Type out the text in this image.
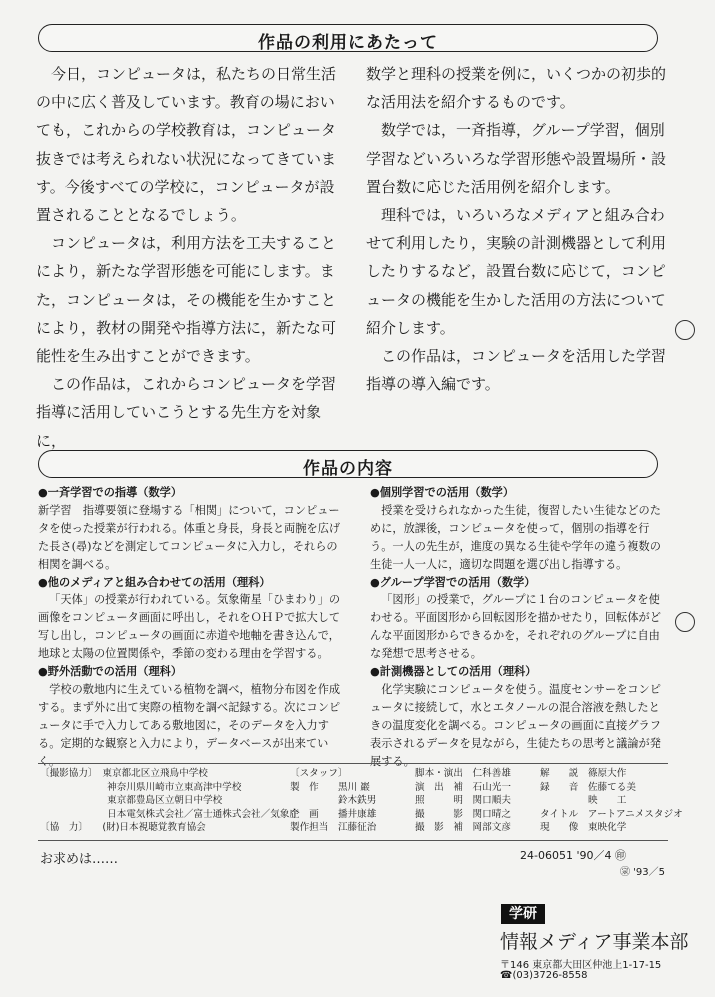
作品の利用にあたって

今日，コンピュータは，私たちの日常生活の中に広く普及しています。教育の場においても，これからの学校教育は，コンピュータ抜きでは考えられない状況になってきています。今後すべての学校に，コンピュータが設置されることとなるでしょう。

コンピュータは，利用方法を工夫することにより，新たな学習形態を可能にします。また，コンピュータは，その機能を生かすことにより，教材の開発や指導方法に，新たな可能性を生み出すことができます。

この作品は，これからコンピュータを学習指導に活用していこうとする先生方を対象に，

数学と理科の授業を例に，いくつかの初歩的な活用法を紹介するものです。

数学では，一斉指導，グループ学習，個別学習などいろいろな学習形態や設置場所・設置台数に応じた活用例を紹介します。

理科では，いろいろなメディアと組み合わせて利用したり，実験の計測機器として利用したりするなど，設置台数に応じて，コンピュータの機能を生かした活用の方法について紹介します。

この作品は，コンピュータを活用した学習指導の導入編です。

作品の内容
●一斉学習での指導（数学）

新学習　指導要領に登場する「相関」について，コンピュータを使った授業が行われる。体重と身長，身長と両腕を広げた長さ(尋)などを測定してコンピュータに入力し，それらの相関を調べる。

●他のメディアと組み合わせての活用（理科）

「天体」の授業が行われている。気象衛星「ひまわり」の画像をコンピュータ画面に呼出し，それをＯＨＰで拡大して写し出し，コンピュータの画面に赤道や地軸を書き込んで，地球と太陽の位置関係や，季節の変わる理由を学習する。

●野外活動での活用（理科）

学校の敷地内に生えている植物を調べ，植物分布図を作成する。まず外に出て実際の植物を調べ記録する。次にコンピュータに手で入力してある敷地図に，そのデータを入力する。定期的な観察と入力により，データベースが出来ていく。

●個別学習での活用（数学）

授業を受けられなかった生徒，復習したい生徒などのために，放課後，コンピュータを使って，個別の指導を行う。一人の先生が，進度の異なる生徒や学年の違う複数の生徒一人一人に，適切な問題を選び出し指導する。

●グループ学習での活用（数学）

「図形」の授業で，グループに１台のコンピュータを使わせる。平面図形から回転図形を描かせたり，回転体がどんな平面図形からできるかを，それぞれのグループに自由な発想で思考させる。

●計測機器としての活用（理科）

化学実験にコンピュータを使う。温度センサーをコンピュータに接続して，水とエタノールの混合溶液を熱したときの温度変化を調べる。コンピュータの画面に直接グラフ表示されるデータを見ながら，生徒たちの思考と議論が発展する。

〔撮影協力〕　東京都北区立飛鳥中学校
　　　　　　　神奈川県川崎市立東高津中学校
　　　　　　　東京都豊島区立朝日中学校
　　　　　　　日本電気株式会社／富士通株式会社／気象庁
〔協　力〕　　(財)日本視聴覚教育協会
〔スタッフ〕
製　作　　黒川 巖
　　　　　鈴木鉄男
企　画　　播井康雄
製作担当　江藤征治
脚本・演出　仁科善雄
演　出　補　石山光一
照　　　明　関口順夫
撮　　　影　関口晴之
撮　影　補　岡部文彦
解　　説　篠原大作
録　　音　佐藤てる美
　　　　　映　　工
タイトル　アートアニメスタジオ
現　　像　東映化学
お求めは……	24-06051 '90／4 ㊞
㊪ '93／5
学研
情報メディア事業本部
〒146 東京都大田区仲池上1-17-15
☎(03)3726-8558
